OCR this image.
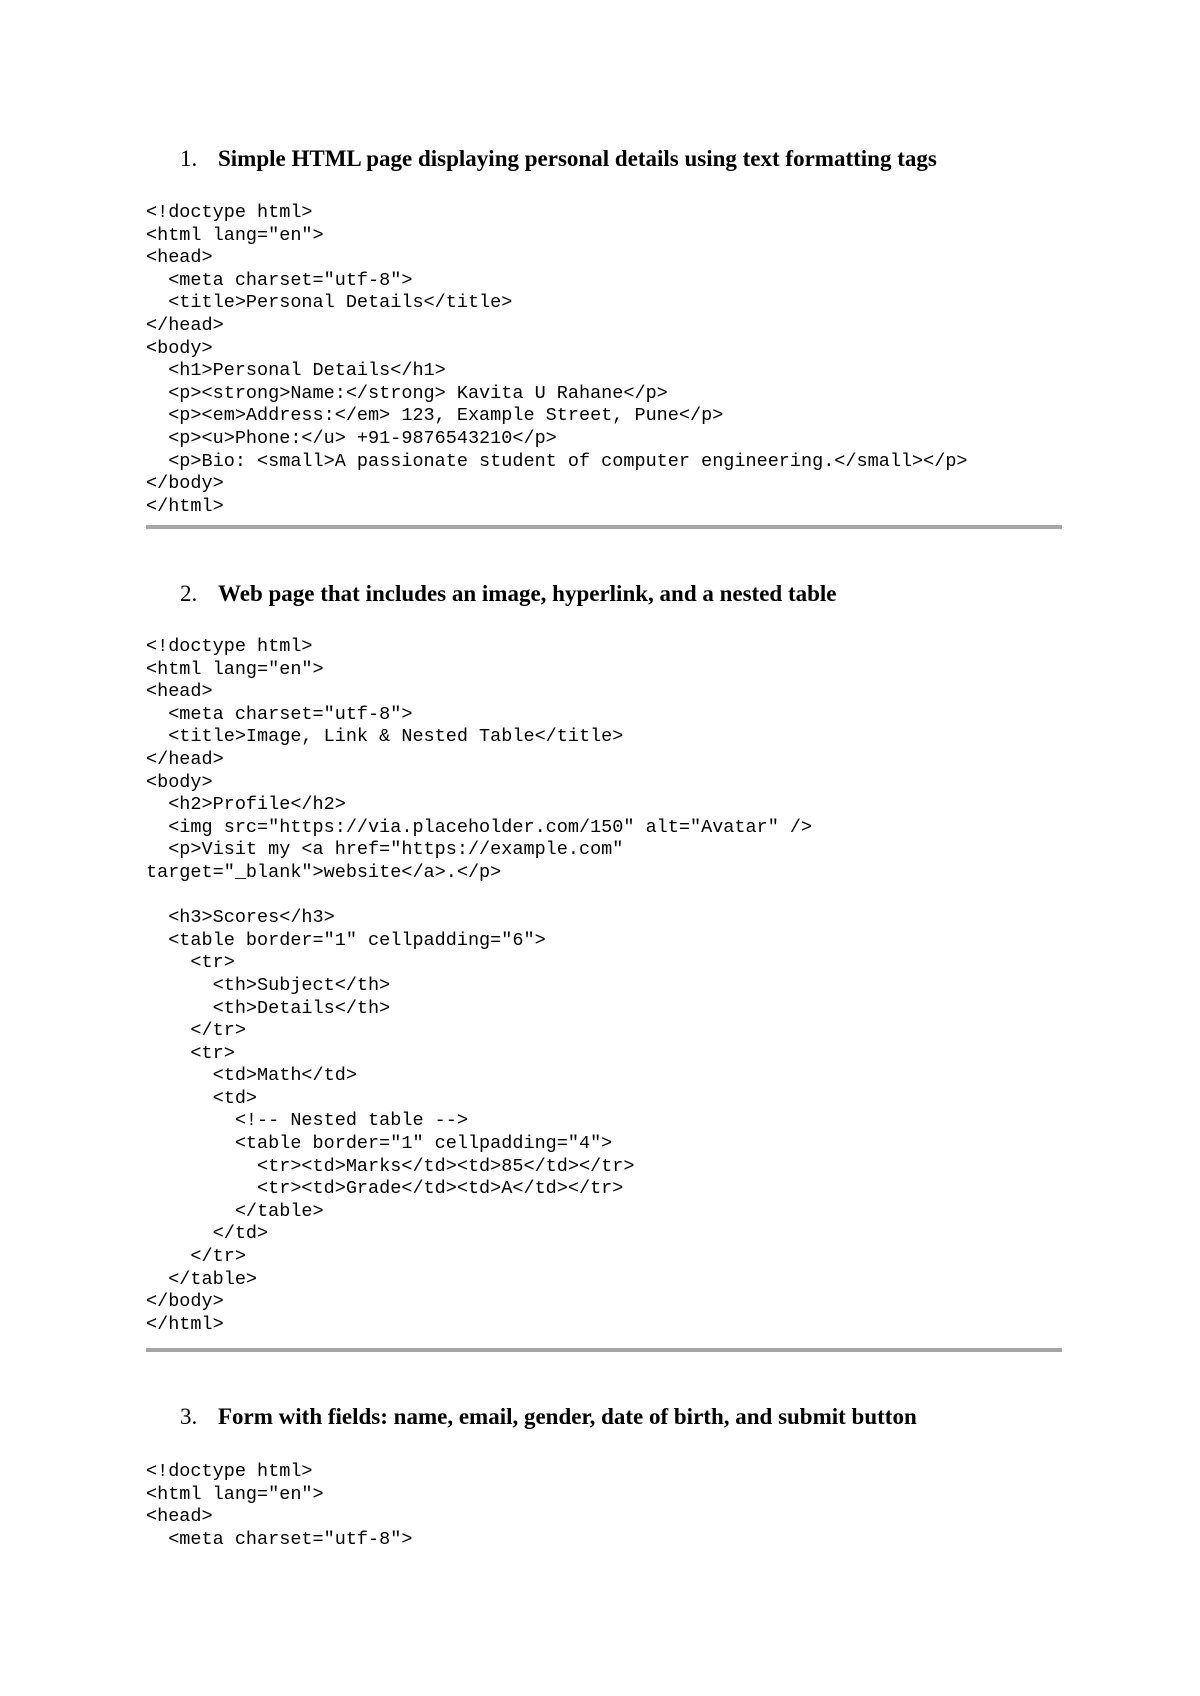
1. Simple HTML page displaying personal details using text formatting tags
<!doctype html>
<html lang="en">
<head>
<meta charset="utf-8">
<title>Personal Details</title>
</head>
<body>
<h1>Personal Details</h1>
<p><strong>Name:</strong> Kavita U Rahane</p>
<p><em>Address:</em> 123, Example Street, Pune</p>
<p><u>Phone:</u> +91-9876543210</p>
<p>Bio: <small>A passionate student of computer engineering.</small></p>
</body>
</html>
2. Web page that includes an image, hyperlink, and a nested table
<!doctype html>
<html lang="en">
<head>
<meta charset="utf-8">
<title>Image, Link & Nested Table</title>
</head>
<body>
<h2>Profile</h2>
<img src="https://via.placeholder.com/150" alt="Avatar" />
<p>Visit my <a href="https://example.com"
target="_blank">website</a>.</p>

<h3>Scores</h3>
<table border="1" cellpadding="6">
<tr>
<th>Subject</th>
<th>Details</th>
</tr>
<tr>
<td>Math</td>
<td>
<!-- Nested table -->
<table border="1" cellpadding="4">
<tr><td>Marks</td><td>85</td></tr>
<tr><td>Grade</td><td>A</td></tr>
</table>
</td>
</tr>
</table>
</body>
</html>
3. Form with fields: name, email, gender, date of birth, and submit button
<!doctype html>
<html lang="en">
<head>
<meta charset="utf-8">
